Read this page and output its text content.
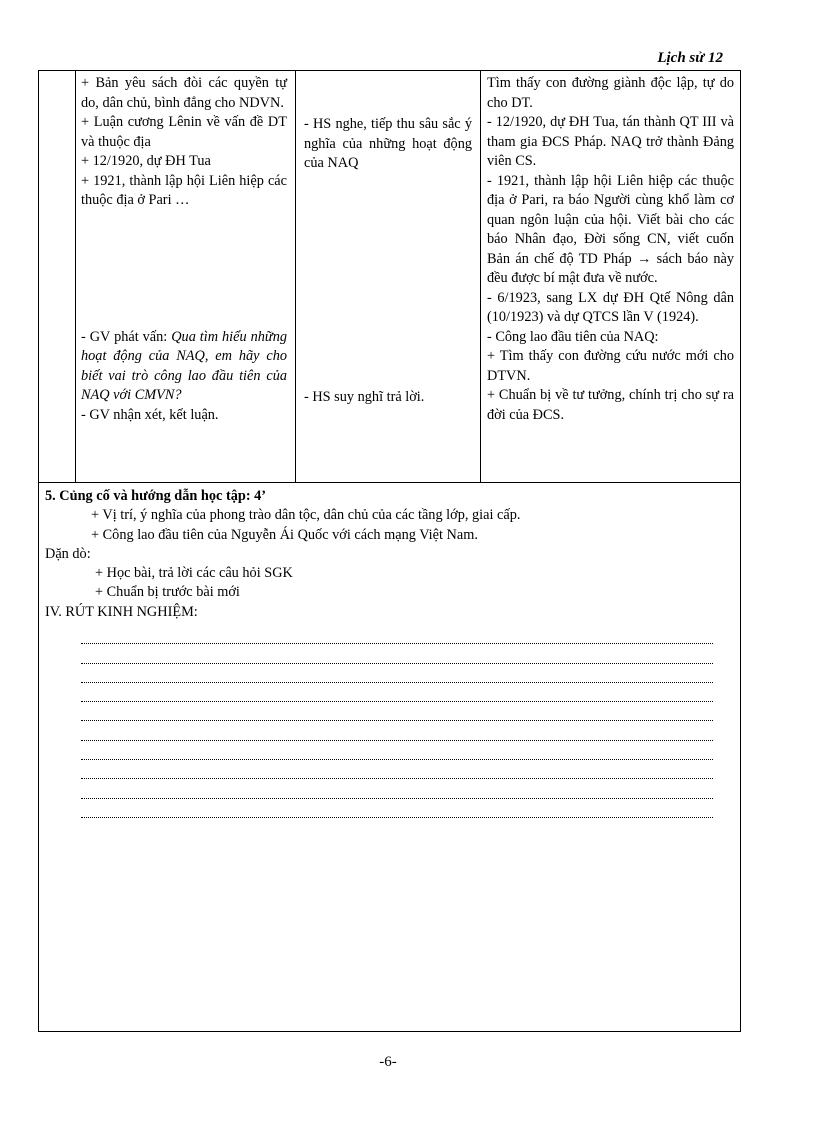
Lịch sử 12

+ Bản yêu sách đòi các quyền tự do, dân chủ, bình đẳng cho NDVN.

+ Luận cương Lênin về vấn đề DT và thuộc địa

+ 12/1920, dự ĐH Tua

+ 1921, thành lập hội Liên hiệp các thuộc địa ở Pari …

- GV phát vấn: Qua tìm hiểu những hoạt động của NAQ, em hãy cho biết vai trò công lao đầu tiên của NAQ với CMVN?

- GV nhận xét, kết luận.

- HS nghe, tiếp thu sâu sắc ý nghĩa của những hoạt động của NAQ

- HS suy nghĩ trả lời.

Tìm thấy con đường giành độc lập, tự do cho DT.

- 12/1920, dự ĐH Tua, tán thành QT III và tham gia ĐCS Pháp. NAQ trở thành Đảng viên CS.

- 1921, thành lập hội Liên hiệp các thuộc địa ở Pari, ra báo Người cùng khổ làm cơ quan ngôn luận của hội. Viết bài cho các báo Nhân đạo, Đời sống CN, viết cuốn Bản án chế độ TD Pháp → sách báo này đều được bí mật đưa về nước.

- 6/1923, sang LX dự ĐH Qtế Nông dân (10/1923) và dự QTCS lần V (1924).

- Công lao đầu tiên của NAQ:

+ Tìm thấy con đường cứu nước mới cho DTVN.

+ Chuẩn bị về tư tưởng, chính trị cho sự ra đời của ĐCS.

5. Củng cố và hướng dẫn học tập: 4’

+ Vị trí, ý nghĩa của phong trào dân tộc, dân chủ của các tầng lớp, giai cấp.

+ Công lao đầu tiên của Nguyễn Ái Quốc với cách mạng Việt Nam.

Dặn dò:

+ Học bài, trả lời các câu hỏi SGK

+ Chuẩn bị trước bài mới

IV. RÚT KINH NGHIỆM:

-6-
